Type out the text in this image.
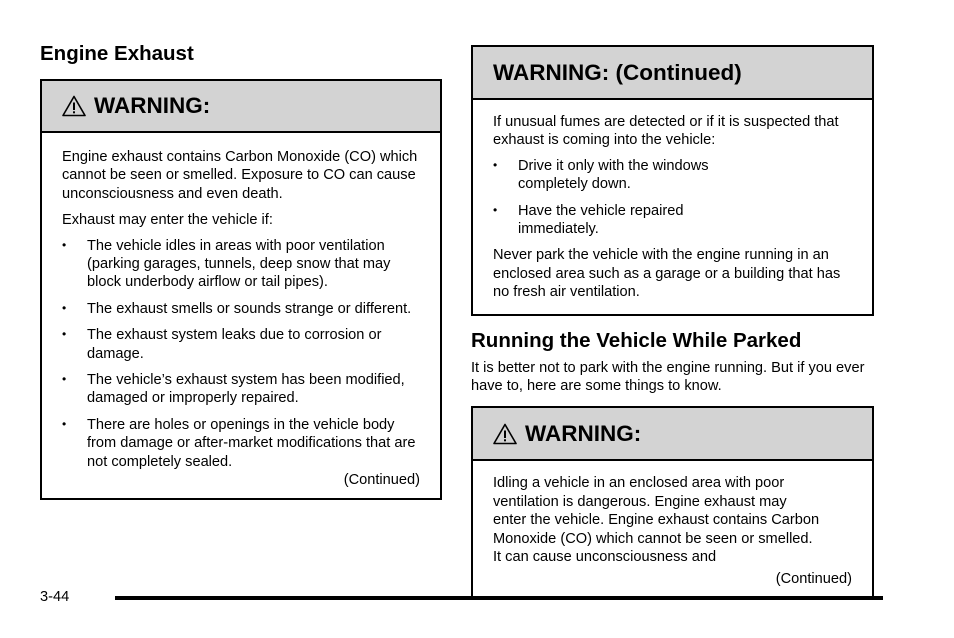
Engine Exhaust
WARNING:

Engine exhaust contains Carbon Monoxide (CO) which cannot be seen or smelled. Exposure to CO can cause unconsciousness and even death.

Exhaust may enter the vehicle if:

• The vehicle idles in areas with poor ventilation (parking garages, tunnels, deep snow that may block underbody airflow or tail pipes).
• The exhaust smells or sounds strange or different.
• The exhaust system leaks due to corrosion or damage.
• The vehicle’s exhaust system has been modified, damaged or improperly repaired.
• There are holes or openings in the vehicle body from damage or after-market modifications that are not completely sealed.
(Continued)
WARNING: (Continued)

If unusual fumes are detected or if it is suspected that exhaust is coming into the vehicle:

• Drive it only with the windows completely down.
• Have the vehicle repaired immediately.

Never park the vehicle with the engine running in an enclosed area such as a garage or a building that has no fresh air ventilation.

Running the Vehicle While Parked

It is better not to park with the engine running. But if you ever have to, here are some things to know.

WARNING:

Idling a vehicle in an enclosed area with poor ventilation is dangerous. Engine exhaust may enter the vehicle. Engine exhaust contains Carbon Monoxide (CO) which cannot be seen or smelled. It can cause unconsciousness and

(Continued)
3-44
